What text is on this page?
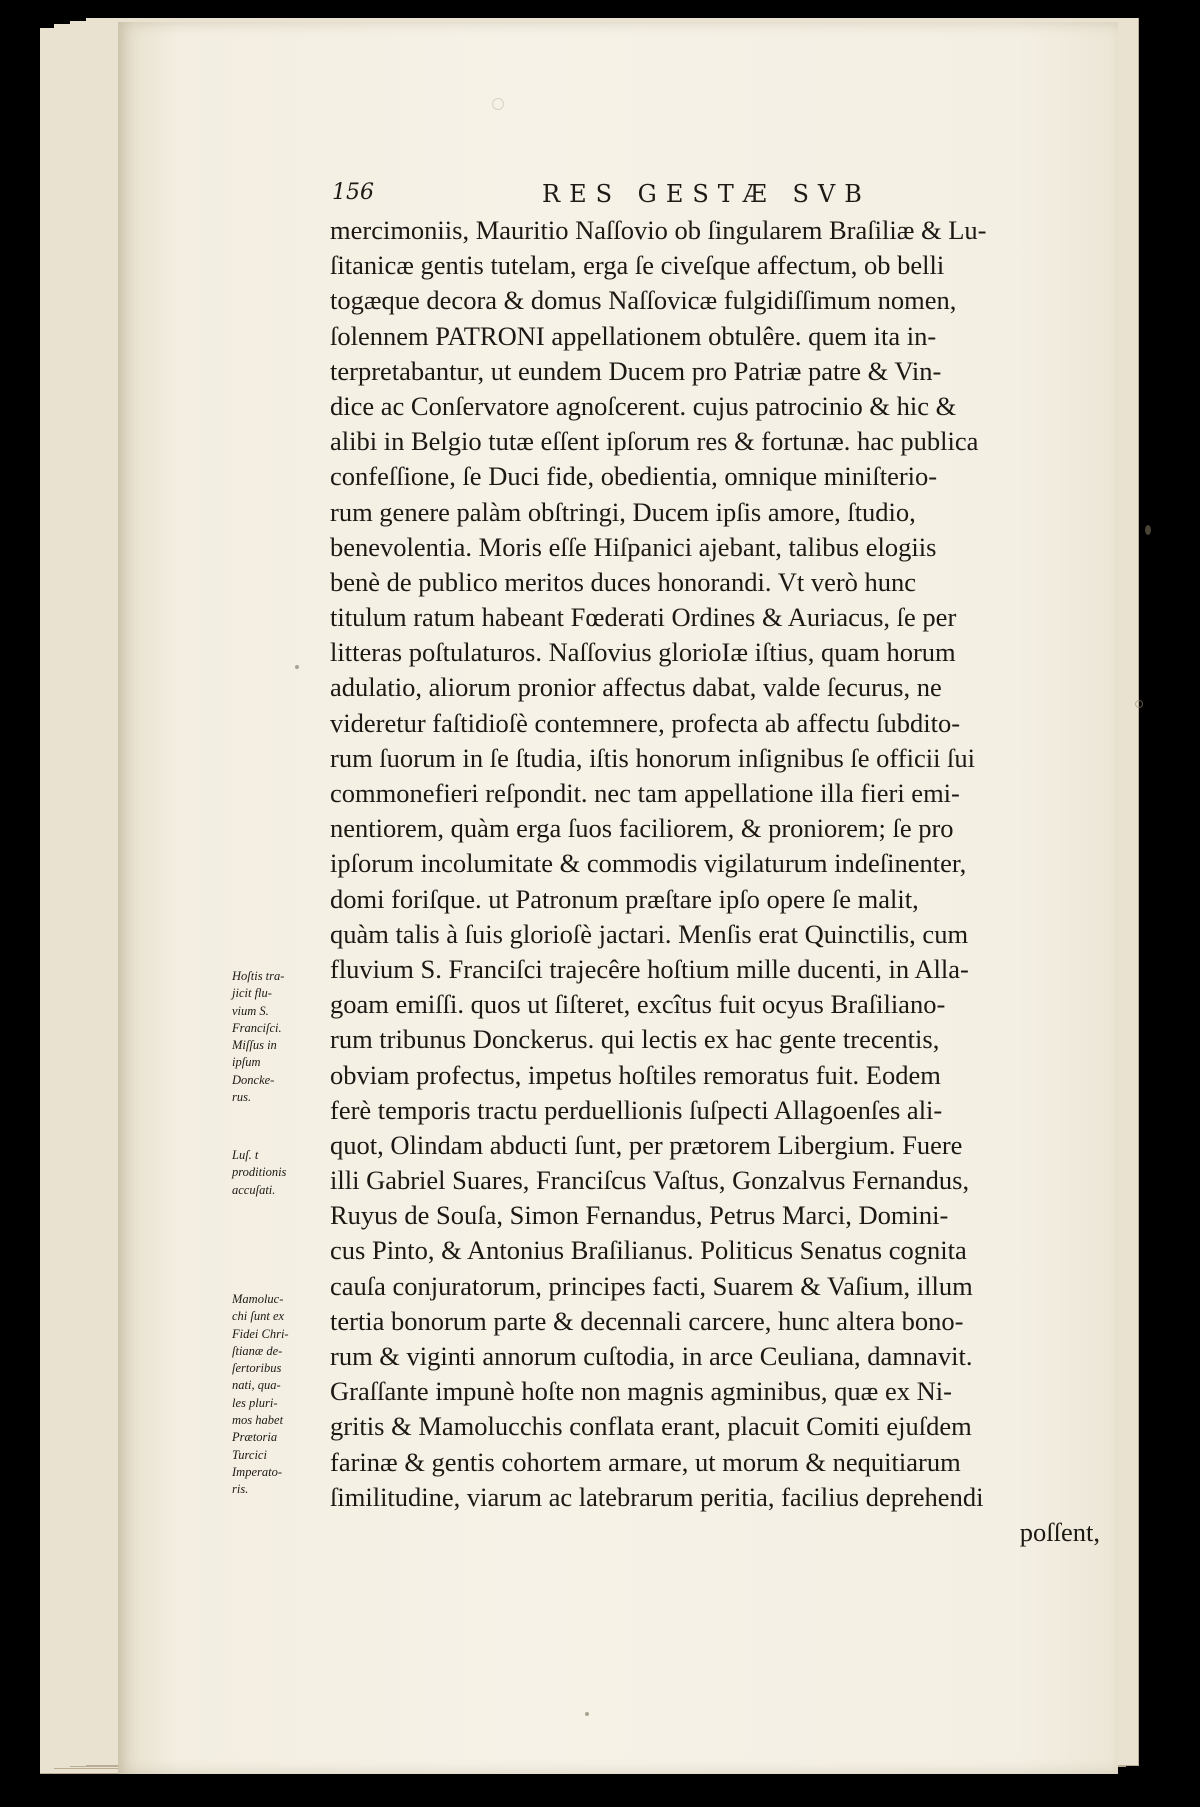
156	RES GESTÆ SVB
mercimoniis, Mauritio Naſſovio ob ſingularem Braſiliæ & Lu-
ſitanicæ gentis tutelam, erga ſe civeſque affectum, ob belli
togæque decora & domus Naſſovicæ fulgidiſſimum nomen,
ſolennem PATRONI appellationem obtulêre. quem ita in-
terpretabantur, ut eundem Ducem pro Patriæ patre & Vin-
dice ac Conſervatore agnoſcerent. cujus patrocinio & hic &
alibi in Belgio tutæ eſſent ipſorum res & fortunæ. hac publica
confeſſione, ſe Duci fide, obedientia, omnique miniſterio-
rum genere palàm obſtringi, Ducem ipſis amore, ſtudio,
benevolentia. Moris eſſe Hiſpanici ajebant, talibus elogiis
benè de publico meritos duces honorandi. Vt verò hunc
titulum ratum habeant Fœderati Ordines & Auriacus, ſe per
litteras poſtulaturos. Naſſovius glorioIæ iſtius, quam horum
adulatio, aliorum pronior affectus dabat, valde ſecurus, ne
videretur faſtidioſè contemnere, profecta ab affectu ſubdito-
rum ſuorum in ſe ſtudia, iſtis honorum inſignibus ſe officii ſui
commonefieri reſpondit. nec tam appellatione illa fieri emi-
nentiorem, quàm erga ſuos faciliorem, & proniorem; ſe pro
ipſorum incolumitate & commodis vigilaturum indeſinenter,
domi foriſque. ut Patronum præſtare ipſo opere ſe malit,
quàm talis à ſuis glorioſè jactari. Menſis erat Quinctilis, cum
fluvium S. Franciſci trajecêre hoſtium mille ducenti, in Alla-
goam emiſſi. quos ut ſiſteret, excîtus fuit ocyus Braſiliano-
rum tribunus Donckerus. qui lectis ex hac gente trecentis,
obviam profectus, impetus hoſtiles remoratus fuit. Eodem
ferè temporis tractu perduellionis ſuſpecti Allagoenſes ali-
quot, Olindam abducti ſunt, per prætorem Libergium. Fuere
illi Gabriel Suares, Franciſcus Vaſtus, Gonzalvus Fernandus,
Ruyus de Souſa, Simon Fernandus, Petrus Marci, Domini-
cus Pinto, & Antonius Braſilianus. Politicus Senatus cognita
cauſa conjuratorum, principes facti, Suarem & Vaſium, illum
tertia bonorum parte & decennali carcere, hunc altera bono-
rum & viginti annorum cuſtodia, in arce Ceuliana, damnavit.
Graſſante impunè hoſte non magnis agminibus, quæ ex Ni-
gritis & Mamolucchis conflata erant, placuit Comiti ejuſdem
farinæ & gentis cohortem armare, ut morum & nequitiarum
ſimilitudine, viarum ac latebrarum peritia, facilius deprehendi
poſſent,
Hoſtis tra-
jicit flu-
vium S.
Franciſci.
Miſſus in
ipſum
Doncke-
rus.
Luſ. t
proditionis
accuſati.
Mamoluc-
chi ſunt ex
Fidei Chri-
ſtianæ de-
ſertoribus
nati, qua-
les pluri-
mos habet
Prætoria
Turcici
Imperato-
ris.
